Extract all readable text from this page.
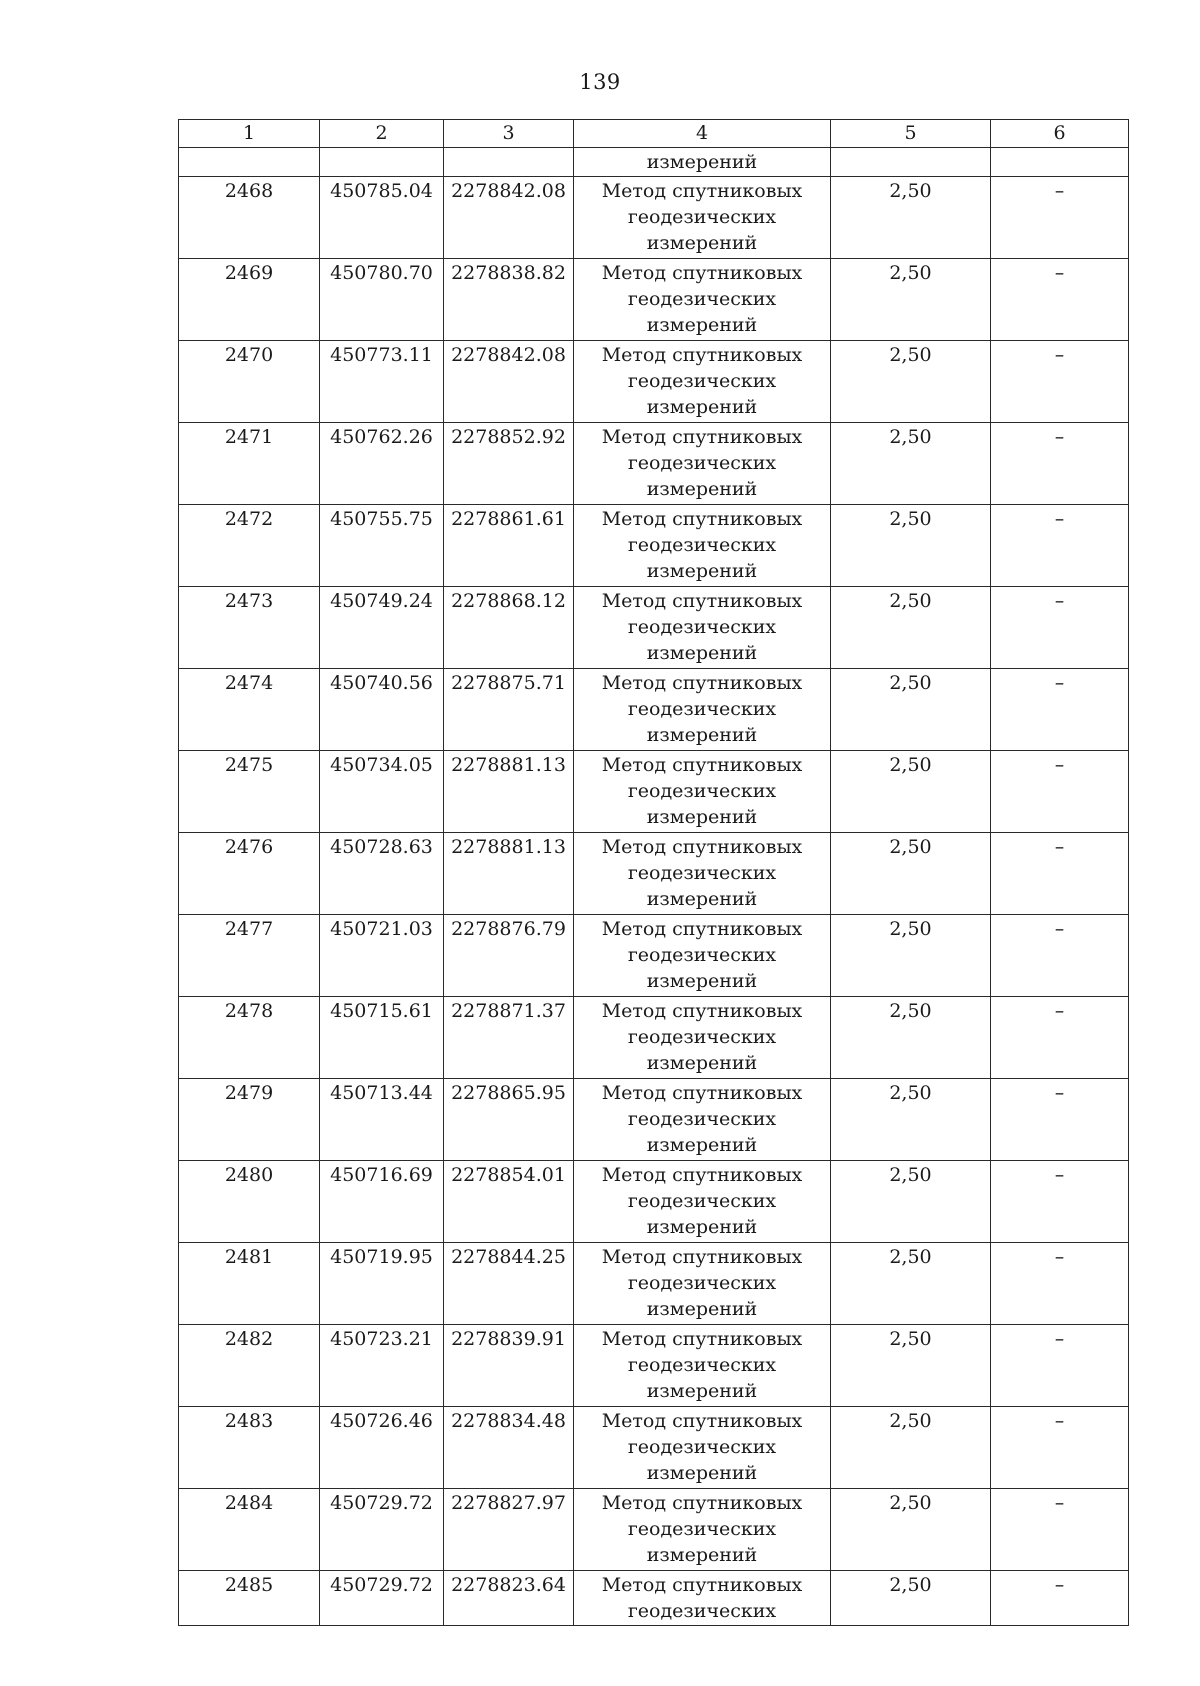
139
1	2	3	4	5	6
			измерений		
2468	450785.04	2278842.08	Метод спутниковых
геодезических
измерений	2,50	–
2469	450780.70	2278838.82	Метод спутниковых
геодезических
измерений	2,50	–
2470	450773.11	2278842.08	Метод спутниковых
геодезических
измерений	2,50	–
2471	450762.26	2278852.92	Метод спутниковых
геодезических
измерений	2,50	–
2472	450755.75	2278861.61	Метод спутниковых
геодезических
измерений	2,50	–
2473	450749.24	2278868.12	Метод спутниковых
геодезических
измерений	2,50	–
2474	450740.56	2278875.71	Метод спутниковых
геодезических
измерений	2,50	–
2475	450734.05	2278881.13	Метод спутниковых
геодезических
измерений	2,50	–
2476	450728.63	2278881.13	Метод спутниковых
геодезических
измерений	2,50	–
2477	450721.03	2278876.79	Метод спутниковых
геодезических
измерений	2,50	–
2478	450715.61	2278871.37	Метод спутниковых
геодезических
измерений	2,50	–
2479	450713.44	2278865.95	Метод спутниковых
геодезических
измерений	2,50	–
2480	450716.69	2278854.01	Метод спутниковых
геодезических
измерений	2,50	–
2481	450719.95	2278844.25	Метод спутниковых
геодезических
измерений	2,50	–
2482	450723.21	2278839.91	Метод спутниковых
геодезических
измерений	2,50	–
2483	450726.46	2278834.48	Метод спутниковых
геодезических
измерений	2,50	–
2484	450729.72	2278827.97	Метод спутниковых
геодезических
измерений	2,50	–
2485	450729.72	2278823.64	Метод спутниковых
геодезических	2,50	–
